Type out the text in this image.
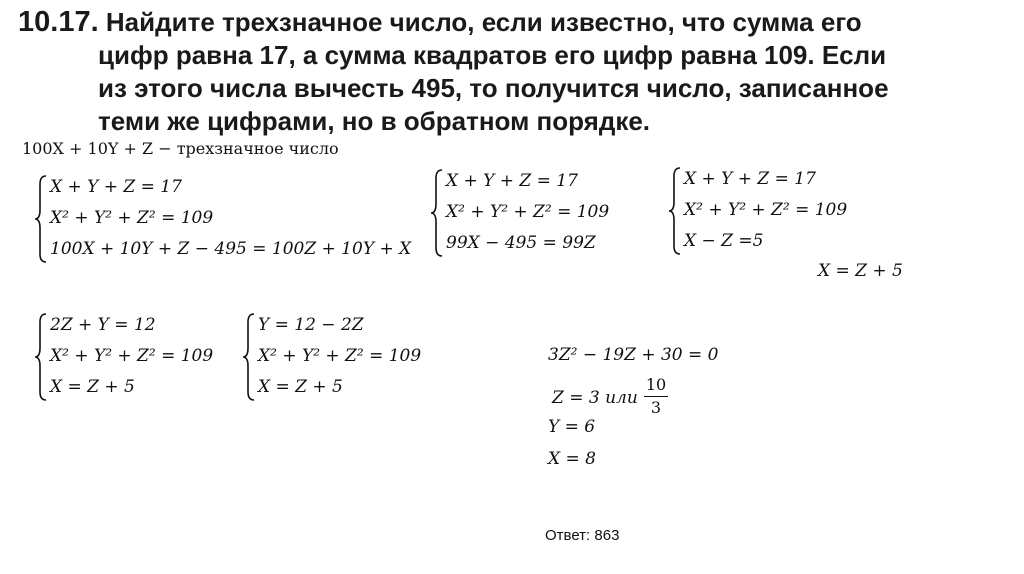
10.17. Найдите трехзначное число, если известно, что сумма его
цифр равна 17, а сумма квадратов его цифр равна 109. Если
из этого числа вычесть 495, то получится число, записанное
теми же цифрами, но в обратном порядке.
100X + 10Y + Z − трехзначное число
X + Y + Z = 17
X² + Y² + Z² = 109
100X + 10Y + Z − 495 = 100Z + 10Y + X
X + Y + Z = 17
X² + Y² + Z² = 109
99X − 495 = 99Z
X + Y + Z = 17
X² + Y² + Z² = 109
X − Z =5
X = Z + 5
2Z + Y = 12
X² + Y² + Z² = 109
X = Z + 5
Y = 12 − 2Z
X² + Y² + Z² = 109
X = Z + 5
3Z² − 19Z + 30 = 0
Z = 3 или
10
3
Y = 6
X = 8
Ответ: 863
